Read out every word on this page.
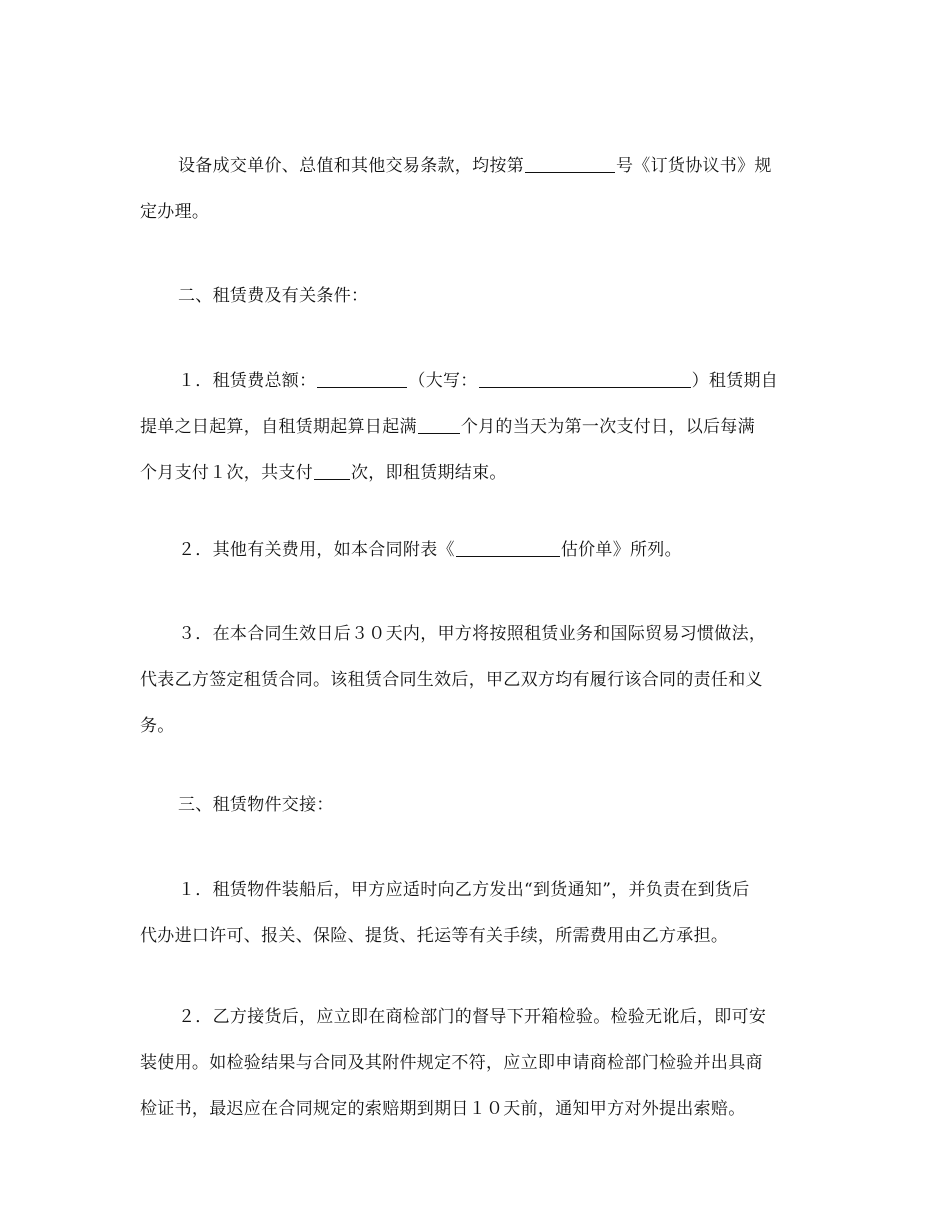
设备成交单价、总值和其他交易条款，均按第	号《订货协议书》规
定办理。
二、租赁费及有关条件：
１．租赁费总额：	（大写：	）租赁期自
提单之日起算，自租赁期起算日起满	个月的当天为第一次支付日，以后每满
个月支付１次，共支付 次，即租赁期结束。
２．其他有关费用，如本合同附表《	估价单》所列。
３．在本合同生效日后３０天内，甲方将按照租赁业务和国际贸易习惯做法，
代表乙方签定租赁合同。该租赁合同生效后，甲乙双方均有履行该合同的责任和义
务。
三、租赁物件交接：
１．租赁物件装船后，甲方应适时向乙方发出“到货通知”，并负责在到货后
代办进口许可、报关、保险、提货、托运等有关手续，所需费用由乙方承担。
２．乙方接货后，应立即在商检部门的督导下开箱检验。检验无讹后，即可安
装使用。如检验结果与合同及其附件规定不符，应立即申请商检部门检验并出具商
检证书，最迟应在合同规定的索赔期到期日１０天前，通知甲方对外提出索赔。
